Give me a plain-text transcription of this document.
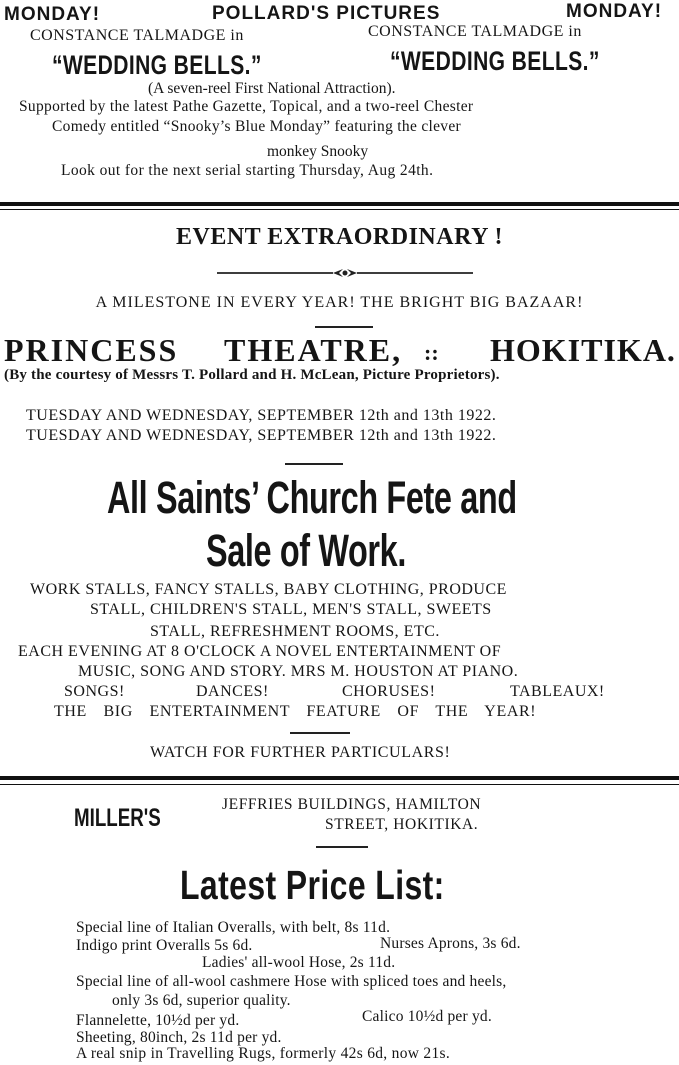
MONDAY!	POLLARD'S PICTURES	MONDAY!
CONSTANCE TALMADGE in	CONSTANCE TALMADGE in
“WEDDING BELLS.”	“WEDDING BELLS.”
(A seven-reel First National Attraction).
Supported by the latest Pathe Gazette, Topical, and a two-reel Chester
Comedy entitled “Snooky’s Blue Monday” featuring the clever
monkey Snooky
Look out for the next serial starting Thursday, Aug 24th.
EVENT EXTRAORDINARY !
A MILESTONE IN EVERY YEAR! THE BRIGHT BIG BAZAAR!
PRINCESS THEATRE, :: HOKITIKA.
(By the courtesy of Messrs T. Pollard and H. McLean, Picture Proprietors).
TUESDAY AND WEDNESDAY, SEPTEMBER 12th and 13th 1922.
TUESDAY AND WEDNESDAY, SEPTEMBER 12th and 13th 1922.
All Saints’ Church Fete and
Sale of Work.
WORK STALLS, FANCY STALLS, BABY CLOTHING, PRODUCE
STALL, CHILDREN'S STALL, MEN'S STALL, SWEETS
STALL, REFRESHMENT ROOMS, ETC.
EACH EVENING AT 8 O'CLOCK A NOVEL ENTERTAINMENT OF
MUSIC, SONG AND STORY. MRS M. HOUSTON AT PIANO.
SONGS!	DANCES!	CHORUSES!	TABLEAUX!
THE BIG ENTERTAINMENT FEATURE OF THE YEAR!
WATCH FOR FURTHER PARTICULARS!
MILLER'S	JEFFRIES BUILDINGS, HAMILTON
STREET, HOKITIKA.
Latest Price List:
Special line of Italian Overalls, with belt, 8s 11d.
Indigo print Overalls 5s 6d.	Nurses Aprons, 3s 6d.
Ladies' all-wool Hose, 2s 11d.
Special line of all-wool cashmere Hose with spliced toes and heels,
only 3s 6d, superior quality.
Flannelette, 10½d per yd.	Calico 10½d per yd.
Sheeting, 80inch, 2s 11d per yd.
A real snip in Travelling Rugs, formerly 42s 6d, now 21s.
